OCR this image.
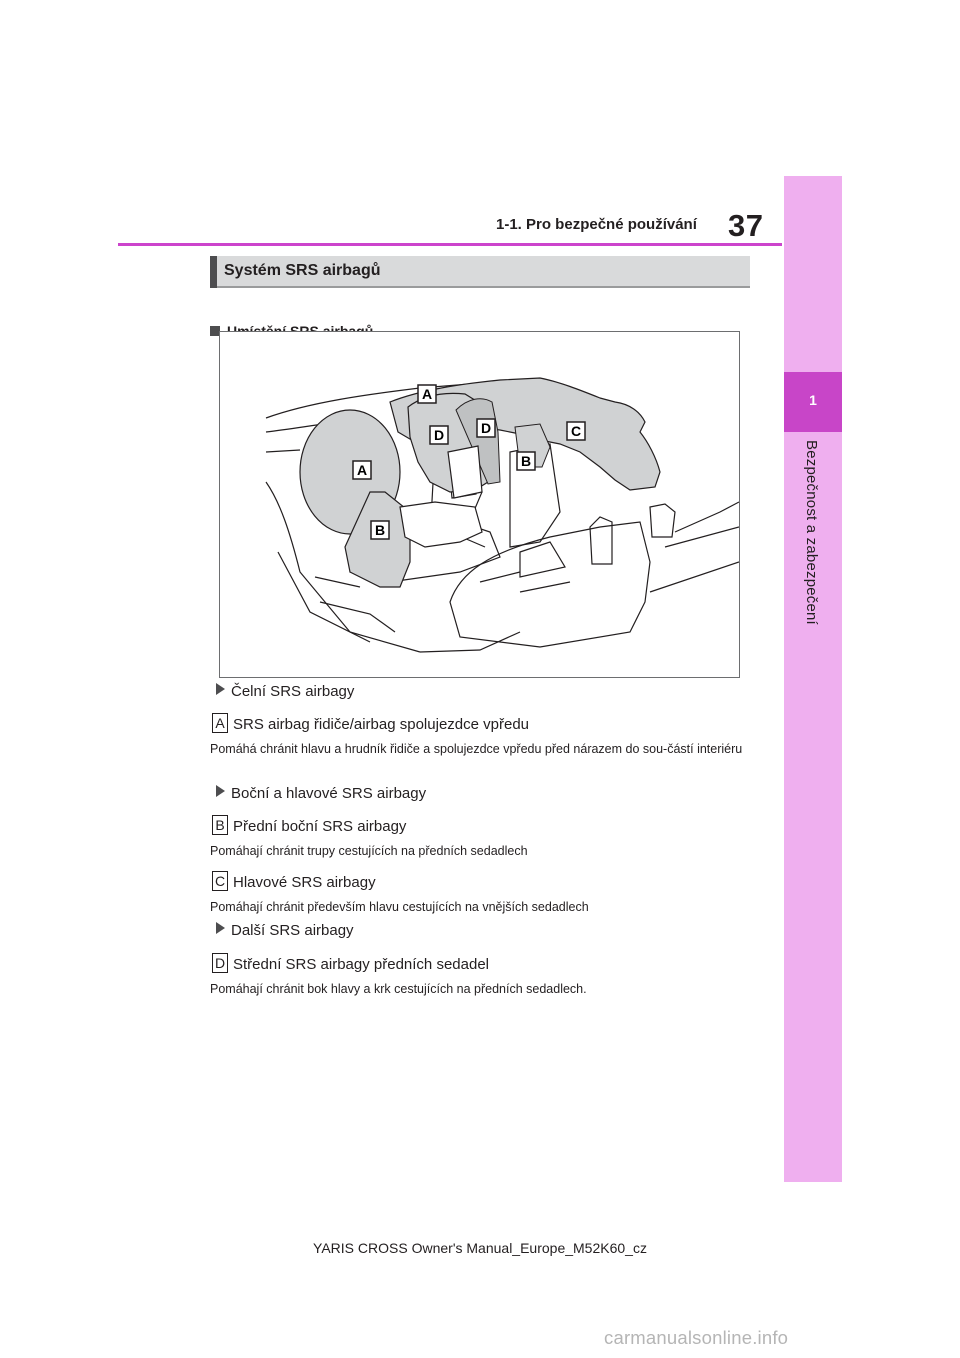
1-1. Pro bezpečné používání 37
1
Bezpečnost a zabezpečení
Systém SRS airbagů
A
A
B
B
C
D	D
Čelní SRS airbagy
A SRS airbag řidiče/airbag spolujezdce vpředu
Pomáhá chránit hlavu a hrudník řidiče a spolujezdce vpředu před nárazem do sou-částí interiéru
Boční a hlavové SRS airbagy
B Přední boční SRS airbagy
Pomáhají chránit trupy cestujících na předních sedadlech
C Hlavové SRS airbagy
Pomáhají chránit především hlavu cestujících na vnějších sedadlech
Další SRS airbagy
D Střední SRS airbagy předních sedadel
Pomáhají chránit bok hlavy a krk cestujících na předních sedadlech.
YARIS CROSS Owner's Manual_Europe_M52K60_cz
carmanualsonline.info
